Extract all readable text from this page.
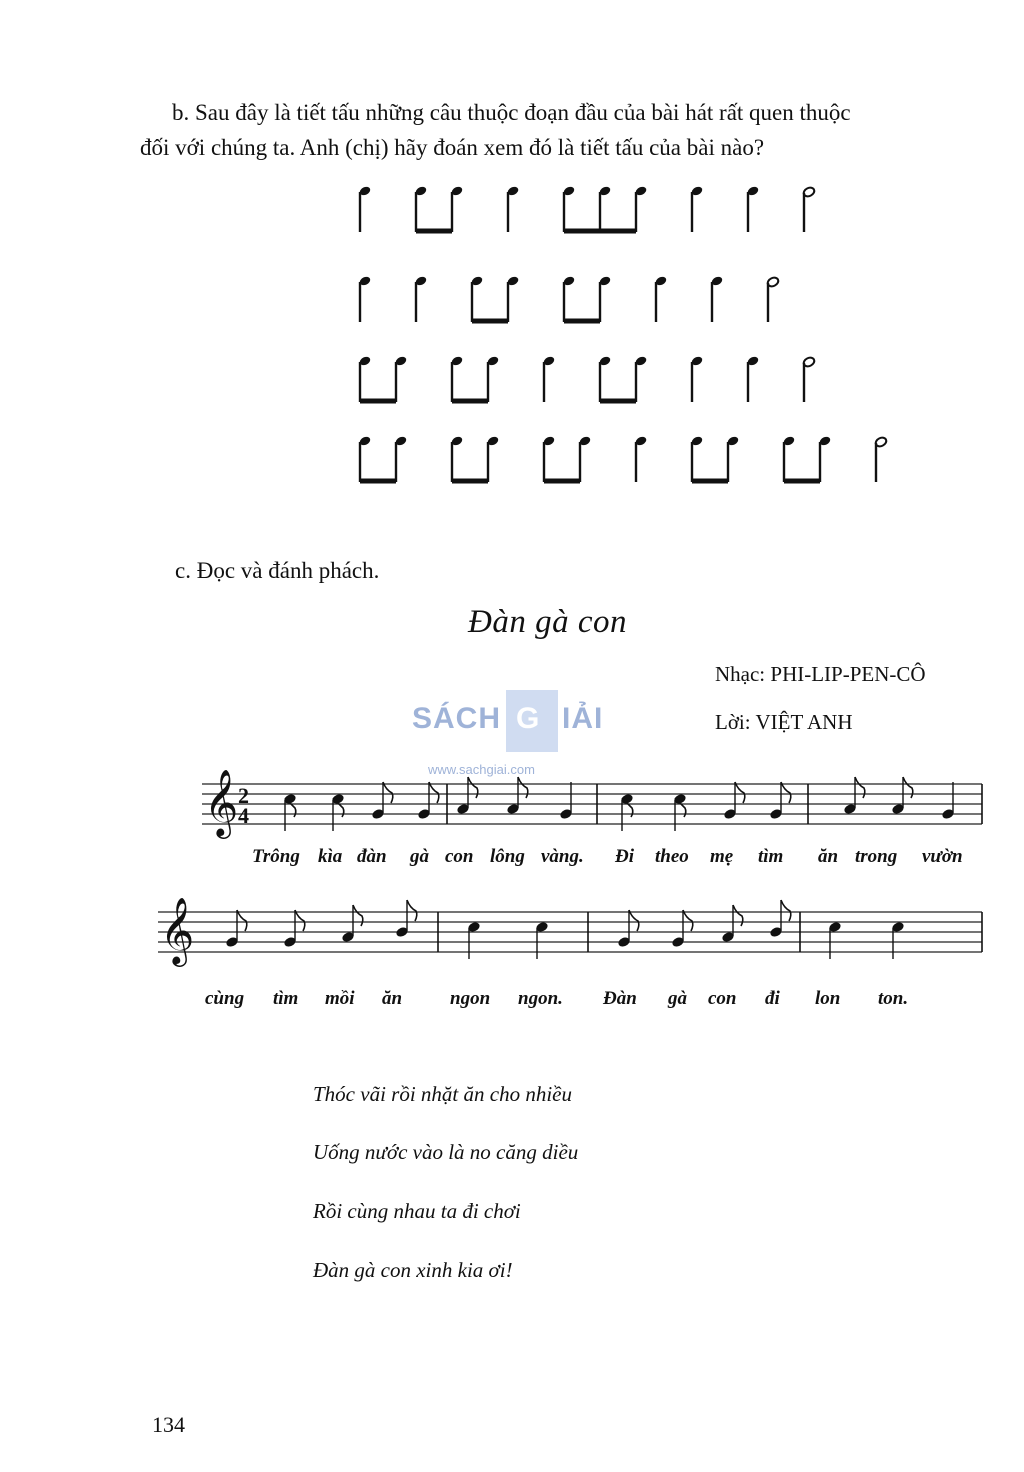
b. Sau đây là tiết tấu những câu thuộc đoạn đầu của bài hát rất quen thuộc
đối với chúng ta. Anh (chị) hãy đoán xem đó là tiết tấu của bài nào?
c. Đọc và đánh phách.
Đàn gà con
Nhạc: PHI-LIP-PEN-CÔ
Lời: VIỆT ANH
SÁCH G IẢI
www.sachgiai.com
𝄞 2
4
Trông kìa đàn gà con lông vàng. Đi theo mẹ tìm ăn trong vườn
𝄞
cùng tìm mồi ăn	ngon ngon. Đàn gà con đi lon ton.
Thóc vãi rồi nhặt ăn cho nhiều
Uống nước vào là no căng diều
Rồi cùng nhau ta đi chơi
Đàn gà con xinh kia ơi!
134
